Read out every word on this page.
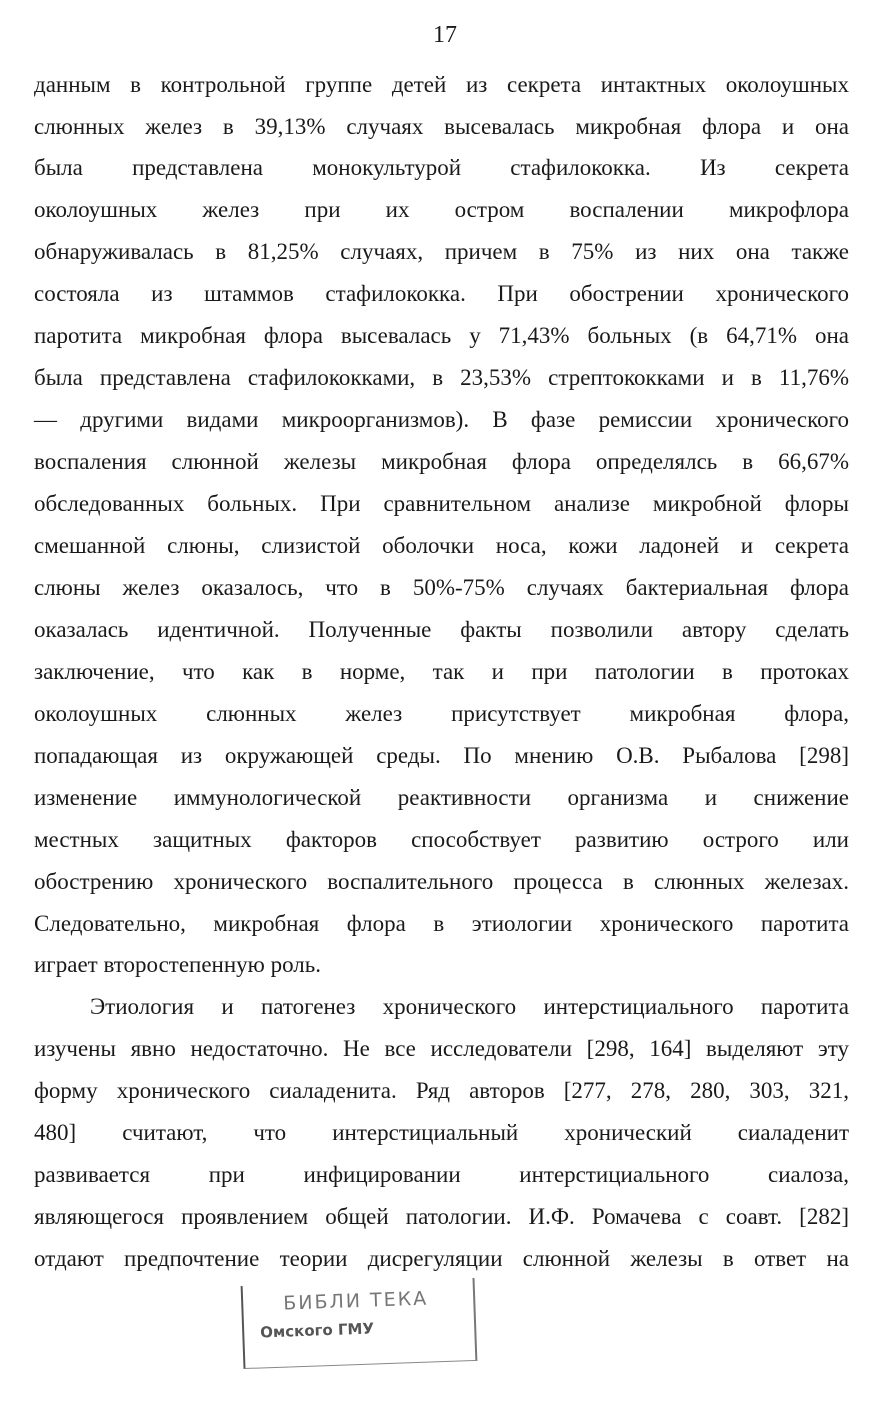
17
данным в контрольной группе детей из секрета интактных околоушных
слюнных желез в 39,13% случаях высевалась микробная флора и она
была представлена монокультурой стафилококка. Из секрета
околоушных желез при их остром воспалении микрофлора
обнаруживалась в 81,25% случаях, причем в 75% из них она также
состояла из штаммов стафилококка. При обострении хронического
паротита микробная флора высевалась у 71,43% больных (в 64,71% она
была представлена стафилококками, в 23,53% стрептококками и в 11,76%
— другими видами микроорганизмов). В фазе ремиссии хронического
воспаления слюнной железы микробная флора определялсь в 66,67%
обследованных больных. При сравнительном анализе микробной флоры
смешанной слюны, слизистой оболочки носа, кожи ладоней и секрета
слюны желез оказалось, что в 50%-75% случаях бактериальная флора
оказалась идентичной. Полученные факты позволили автору сделать
заключение, что как в норме, так и при патологии в протоках
околоушных слюнных желез присутствует микробная флора,
попадающая из окружающей среды. По мнению О.В. Рыбалова [298]
изменение иммунологической реактивности организма и снижение
местных защитных факторов способствует развитию острого или
обострению хронического воспалительного процесса в слюнных железах.
Следовательно, микробная флора в этиологии хронического паротита
играет второстепенную роль.
Этиология и патогенез хронического интерстициального паротита
изучены явно недостаточно. Не все исследователи [298, 164] выделяют эту
форму хронического сиаладенита. Ряд авторов [277, 278, 280, 303, 321,
480] считают, что интерстициальный хронический сиаладенит
развивается при инфицировании интерстициального сиалоза,
являющегося проявлением общей патологии. И.Ф. Ромачева с соавт. [282]
отдают предпочтение теории дисрегуляции слюнной железы в ответ на
БИБЛИ ТЕКА
Омского ГМУ
